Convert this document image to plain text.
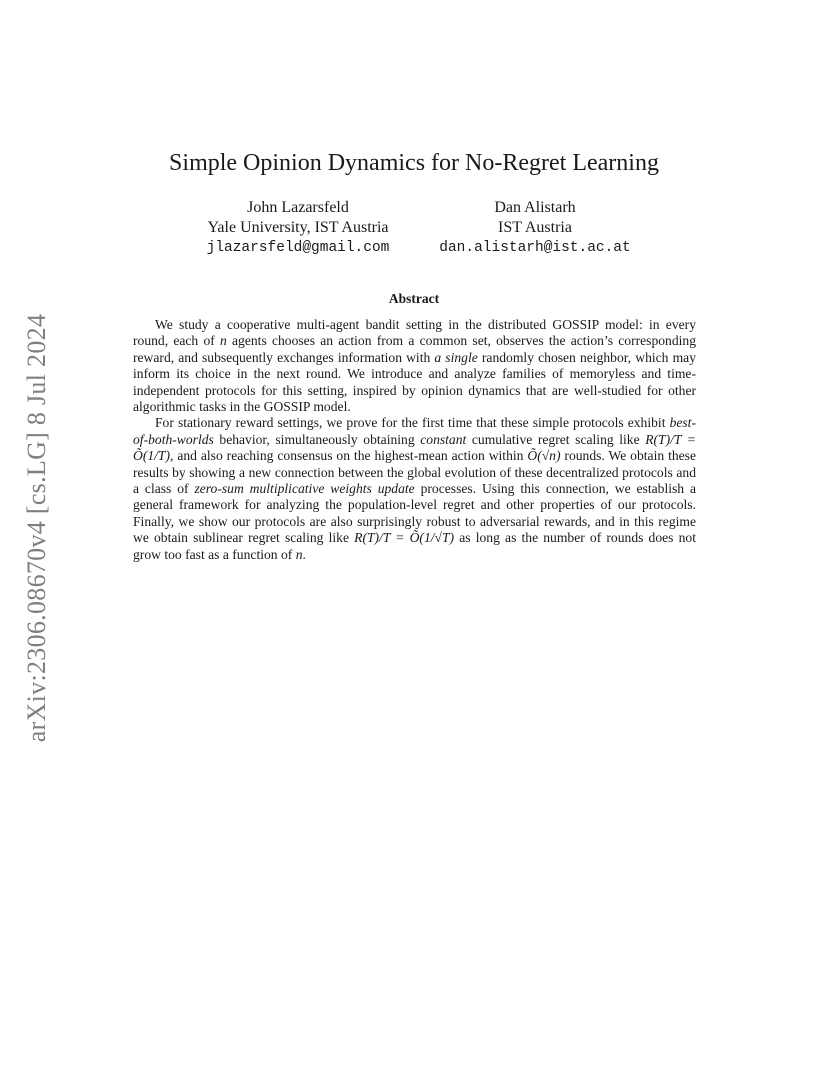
arXiv:2306.08670v4 [cs.LG] 8 Jul 2024
Simple Opinion Dynamics for No-Regret Learning
John Lazarsfeld
Yale University, IST Austria
jlazarsfeld@gmail.com
Dan Alistarh
IST Austria
dan.alistarh@ist.ac.at
Abstract

We study a cooperative multi-agent bandit setting in the distributed GOSSIP model: in every round, each of n agents chooses an action from a common set, observes the action’s corresponding reward, and subsequently exchanges information with a single randomly chosen neighbor, which may inform its choice in the next round. We introduce and analyze families of memoryless and time-independent protocols for this setting, inspired by opinion dynamics that are well-studied for other algorithmic tasks in the GOSSIP model.

For stationary reward settings, we prove for the first time that these simple protocols exhibit best-of-both-worlds behavior, simultaneously obtaining constant cumulative regret scaling like R(T)/T = Õ(1/T), and also reaching consensus on the highest-mean action within Õ(√n) rounds. We obtain these results by showing a new connection between the global evolution of these decentralized protocols and a class of zero-sum multiplicative weights update processes. Using this connection, we establish a general framework for analyzing the population-level regret and other properties of our protocols. Finally, we show our protocols are also surprisingly robust to adversarial rewards, and in this regime we obtain sublinear regret scaling like R(T)/T = Õ(1/√T) as long as the number of rounds does not grow too fast as a function of n.
